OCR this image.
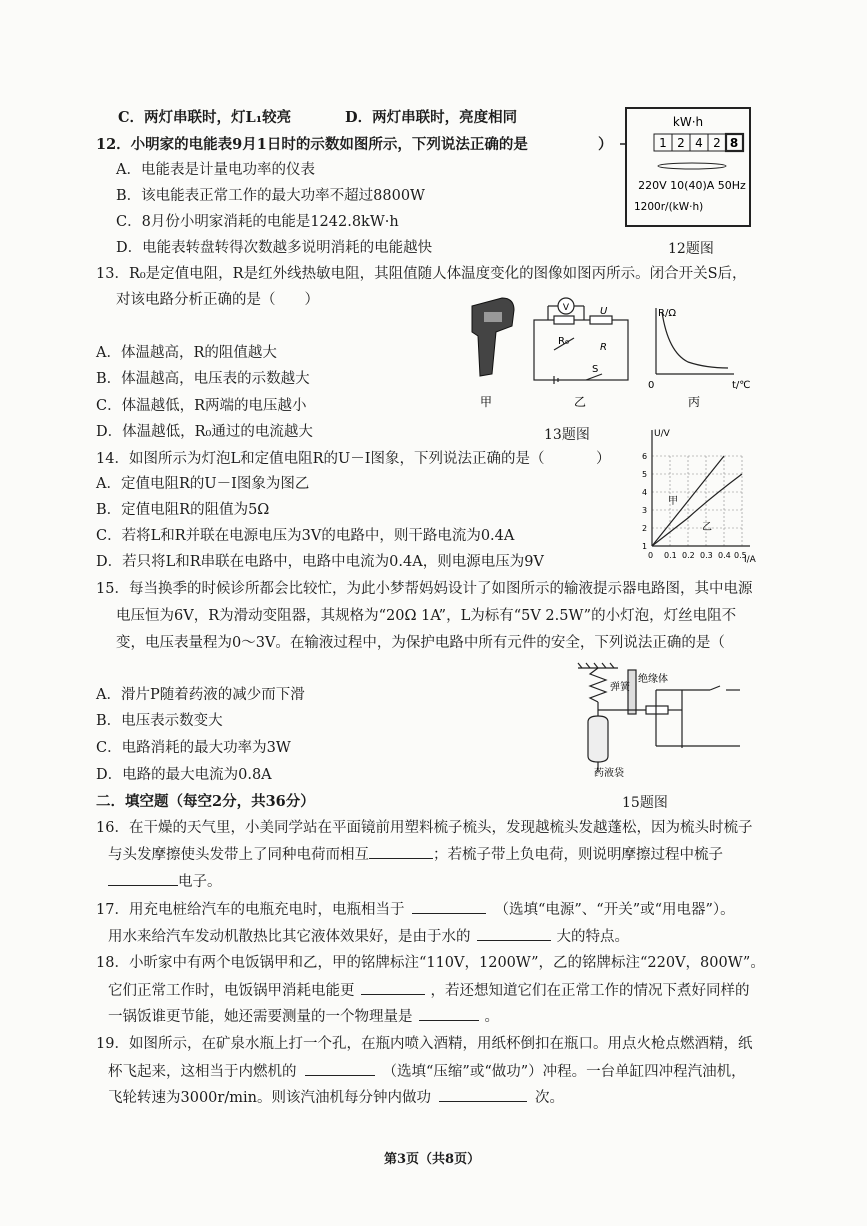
C．两灯串联时，灯L₁较亮	D．两灯串联时，亮度相同
12．小明家的电能表9月1日时的示数如图所示，下列说法正确的是	）
A．电能表是计量电功率的仪表
B．该电能表正常工作的最大功率不超过8800W
C．8月份小明家消耗的电能是1242.8kW·h
D．电能表转盘转得次数越多说明消耗的电能越快
kW·h
1 2 4 2 8
220V 10(40)A 50Hz
1200r/(kW·h)
12题图
13．R₀是定值电阻，R是红外线热敏电阻，其阻值随人体温度变化的图像如图丙所示。闭合开关S后，
对该电路分析正确的是（　　）
A．体温越高，R的阻值越大
B．体温越高，电压表的示数越大
C．体温越低，R两端的电压越小
D．体温越低，R₀通过的电流越大
甲
V
R₀
R
U
S
乙
R/Ω
t/℃
0
丙
13题图
14．如图所示为灯泡L和定值电阻R的U－I图象，下列说法正确的是（	）
A．定值电阻R的U－I图象为图乙
B．定值电阻R的阻值为5Ω
C．若将L和R并联在电源电压为3V的电路中，则干路电流为0.4A
D．若只将L和R串联在电路中，电路中电流为0.4A，则电源电压为9V
U/V
I/A
6
5
4
3
2
1
0 0.1 0.2 0.3 0.4 0.5
甲
乙
15．每当换季的时候诊所都会比较忙，为此小梦帮妈妈设计了如图所示的输液提示器电路图，其中电源
电压恒为6V，R为滑动变阻器，其规格为“20Ω 1A”，L为标有“5V 2.5W”的小灯泡，灯丝电阻不
变，电压表量程为0～3V。在输液过程中，为保护电路中所有元件的安全，下列说法正确的是（
A．滑片P随着药液的减少而下滑
B．电压表示数变大
C．电路消耗的最大功率为3W
D．电路的最大电流为0.8A
弹簧
绝缘体
药液袋
15题图
二．填空题（每空2分，共36分）
16．在干燥的天气里，小美同学站在平面镜前用塑料梳子梳头，发现越梳头发越蓬松，因为梳头时梳子
与头发摩擦使头发带上了同种电荷而相互	；若梳子带上负电荷，则说明摩擦过程中梳子
电子。
17．用充电桩给汽车的电瓶充电时，电瓶相当于	（选填“电源”、“开关”或“用电器”）。
用水来给汽车发动机散热比其它液体效果好，是由于水的	大的特点。
18．小昕家中有两个电饭锅甲和乙，甲的铭牌标注“110V，1200W”，乙的铭牌标注“220V，800W”。
它们正常工作时，电饭锅甲消耗电能更	，若还想知道它们在正常工作的情况下煮好同样的
一锅饭谁更节能，她还需要测量的一个物理量是	。
19．如图所示，在矿泉水瓶上打一个孔，在瓶内喷入酒精，用纸杯倒扣在瓶口。用点火枪点燃酒精，纸
杯飞起来，这相当于内燃机的	（选填“压缩”或“做功”）冲程。一台单缸四冲程汽油机，
飞轮转速为3000r/min。则该汽油机每分钟内做功	次。
第3页（共8页）
